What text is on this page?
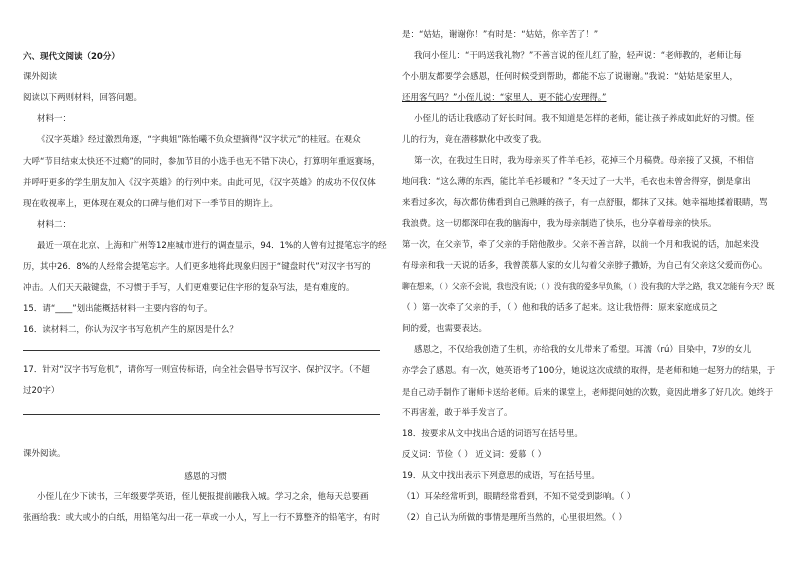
六、现代文阅读（20分）
课外阅读
阅读以下两则材料，回答问题。
材料一：
《汉字英雄》经过激烈角逐，“字典姐”陈怡曦不负众望摘得“汉字状元”的桂冠。在观众
大呼“节目结束太快还不过瘾”的同时，参加节目的小选手也无不错下决心，打算明年重返赛场，
并呼吁更多的学生朋友加入《汉字英雄》的行列中来。由此可见，《汉字英雄》的成功不仅仅体
现在收视率上，更体现在观众的口碑与他们对下一季节目的期许上。
材料二：
最近一项在北京、上海和广州等12座城市进行的调查显示，94．1%的人曾有过提笔忘字的经
历，其中26．8%的人经常会提笔忘字。人们更多地将此现象归因于“键盘时代”对汉字书写的
冲击。人们天天敲键盘，不习惯于手写，人们更难要记住字形的复杂写法，是有难度的。
15．请“____”划出能概括材料一主要内容的句子。
16．读材料二，你认为汉字书写危机产生的原因是什么？
17．针对“汉字书写危机”，请你写一则宣传标语，向全社会倡导书写汉字、保护汉字。（不超
过20字）
课外阅读。
感恩的习惯
小侄儿在少下读书，三年级要学英语，侄儿便报提前融我入城。学习之余，他每天总要画
张画给我：或大或小的白纸，用铅笔勾出一花一草或一小人，写上一行不算整齐的铅笔字，有时
是：“姑姑，谢谢你！”有时是：“姑姑，你辛苦了！”
我问小侄儿：“干吗送我礼物？”不善言说的侄儿红了脸，轻声说：“老师教的，老师让每
个小朋友都要学会感恩，任何时候受到帮助，都能不忘了说谢谢。”我说：“姑姑是家里人，
还用客气吗？”小侄儿说：“家里人，更不能心安理得。”
小侄儿的话让我感动了好长时间。我不知道是怎样的老师，能让孩子养成如此好的习惯。侄
儿的行为，竟在潜移默化中改变了我。
第一次，在我过生日时，我为母亲买了件羊毛衫，花掉三个月稿费。母亲接了又摸，不相信
地问我：“这么薄的东西，能比羊毛衫暖和？”冬天过了一大半，毛衣也未曾舍得穿，倒是拿出
来看过多次，每次都仿佛看到自己熟睡的孩子，有一点舒服，都抹了又抹。她幸福地揉着眼睛，骂
我浪费。这一切都深印在我的脑海中，我为母亲制造了快乐，也分享着母亲的快乐。
第一次，在父亲节，牵了父亲的手陪他散步。父亲不善言辞，以前一个月和我说的话，加起来没
有母亲和我一天说的话多，我曾羡慕人家的女儿勾着父亲脖子撒娇，为自己有父亲这父爱而伤心。
聊在想来，（ ）父亲不会说，我也没有说；（ ）没有我的爱多早负熊，（ ）没有我的大学之路，我又怎能有今天？既
（ ）第一次牵了父亲的手，（ ）他和我的话多了起来。这让我悟得：原来家庭成员之
间的爱，也需要表达。
感恩之，不仅给我创造了生机，亦给我的女儿带来了希望。耳濡（rú）目染中，7岁的女儿
亦学会了感恩。有一次，她英语考了100分，她说这次成绩的取得，是老师和她一起努力的结果，于
是自己动手制作了谢师卡送给老师。后来的课堂上，老师提问她的次数，竟因此增多了好几次。她终于
不再害羞，敢于举手发言了。
18．按要求从文中找出合适的词语写在括号里。
反义词：节俭（ ） 近义词：爱慕（ ）
19．从文中找出表示下列意思的成语，写在括号里。
（1）耳朵经常听到，眼睛经常看到，不知不觉受到影响。（ ）
（2）自己认为所做的事情是理所当然的，心里很坦然。（ ）
